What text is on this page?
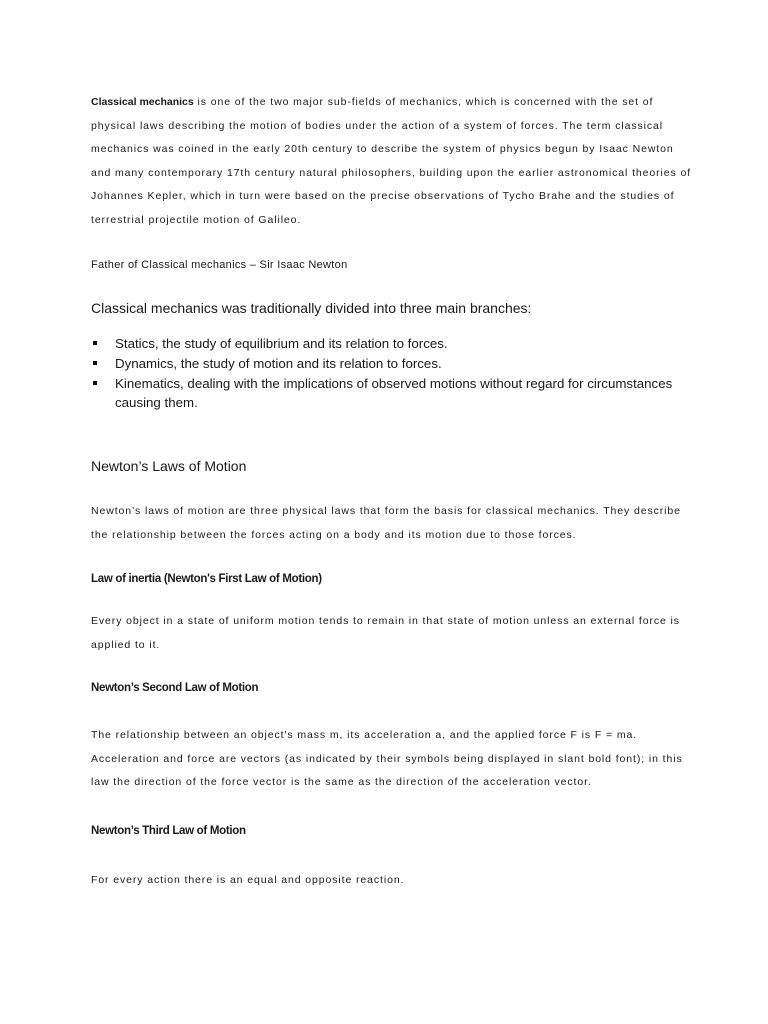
Classical mechanics is one of the two major sub-fields of mechanics, which is concerned with the set of physical laws describing the motion of bodies under the action of a system of forces. The term classical mechanics was coined in the early 20th century to describe the system of physics begun by Isaac Newton and many contemporary 17th century natural philosophers, building upon the earlier astronomical theories of Johannes Kepler, which in turn were based on the precise observations of Tycho Brahe and the studies of terrestrial projectile motion of Galileo.

Father of Classical mechanics – Sir Isaac Newton

Classical mechanics was traditionally divided into three main branches:

Statics, the study of equilibrium and its relation to forces.
Dynamics, the study of motion and its relation to forces.
Kinematics, dealing with the implications of observed motions without regard for circumstances causing them.
Newton’s Laws of Motion

Newton’s laws of motion are three physical laws that form the basis for classical mechanics. They describe the relationship between the forces acting on a body and its motion due to those forces.

Law of inertia (Newton's First Law of Motion)

Every object in a state of uniform motion tends to remain in that state of motion unless an external force is applied to it.

Newton’s Second Law of Motion

The relationship between an object's mass m, its acceleration a, and the applied force F is F = ma. Acceleration and force are vectors (as indicated by their symbols being displayed in slant bold font); in this law the direction of the force vector is the same as the direction of the acceleration vector.

Newton’s Third Law of Motion

For every action there is an equal and opposite reaction.
